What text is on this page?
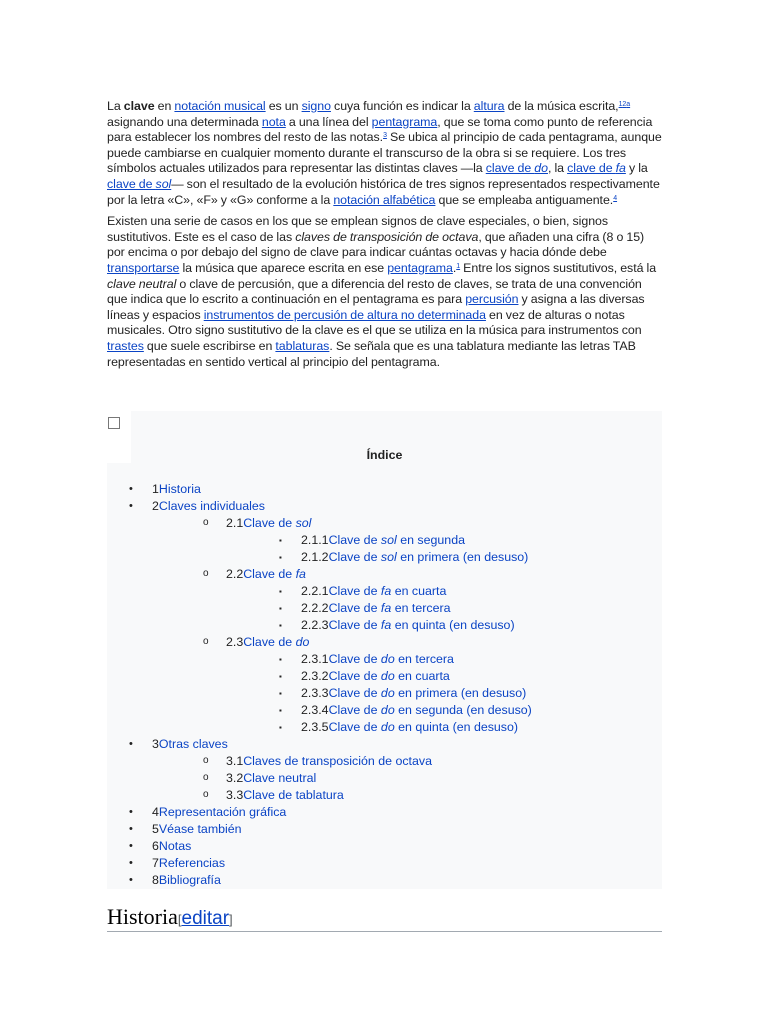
La clave en notación musical es un signo cuya función es indicar la altura de la música escrita,$^{12a}$ asignando una determinada nota a una línea del pentagrama, que se toma como punto de referencia para establecer los nombres del resto de las notas.$^3$ Se ubica al principio de cada pentagrama, aunque puede cambiarse en cualquier momento durante el transcurso de la obra si se requiere. Los tres símbolos actuales utilizados para representar las distintas claves —la clave de do, la clave de fa y la clave de sol— son el resultado de la evolución histórica de tres signos representados respectivamente por la letra «C», «F» y «G» conforme a la notación alfabética que se empleaba antiguamente.$^4$

Existen una serie de casos en los que se emplean signos de clave especiales, o bien, signos sustitutivos. Este es el caso de las claves de transposición de octava, que añaden una cifra (8 o 15) por encima o por debajo del signo de clave para indicar cuántas octavas y hacia dónde debe transportarse la música que aparece escrita en ese pentagrama.$^1$ Entre los signos sustitutivos, está la clave neutral o clave de percusión, que a diferencia del resto de claves, se trata de una convención que indica que lo escrito a continuación en el pentagrama es para percusión y asigna a las diversas líneas y espacios instrumentos de percusión de altura no determinada en vez de alturas o notas musicales. Otro signo sustitutivo de la clave es el que se utiliza en la música para instrumentos con trastes que suele escribirse en tablaturas. Se señala que es una tablatura mediante las letras TAB representadas en sentido vertical al principio del pentagrama.

Índice
• 1Historia
• 2Claves individuales
o 2.1Clave de sol
▪ 2.1.1Clave de sol en segunda
▪ 2.1.2Clave de sol en primera (en desuso)
o 2.2Clave de fa
▪ 2.2.1Clave de fa en cuarta
▪ 2.2.2Clave de fa en tercera
▪ 2.2.3Clave de fa en quinta (en desuso)
o 2.3Clave de do
▪ 2.3.1Clave de do en tercera
▪ 2.3.2Clave de do en cuarta
▪ 2.3.3Clave de do en primera (en desuso)
▪ 2.3.4Clave de do en segunda (en desuso)
▪ 2.3.5Clave de do en quinta (en desuso)
• 3Otras claves
o 3.1Claves de transposición de octava
o 3.2Clave neutral
o 3.3Clave de tablatura
• 4Representación gráfica
• 5Véase también
• 6Notas
• 7Referencias
• 8Bibliografía
Historia[editar]
